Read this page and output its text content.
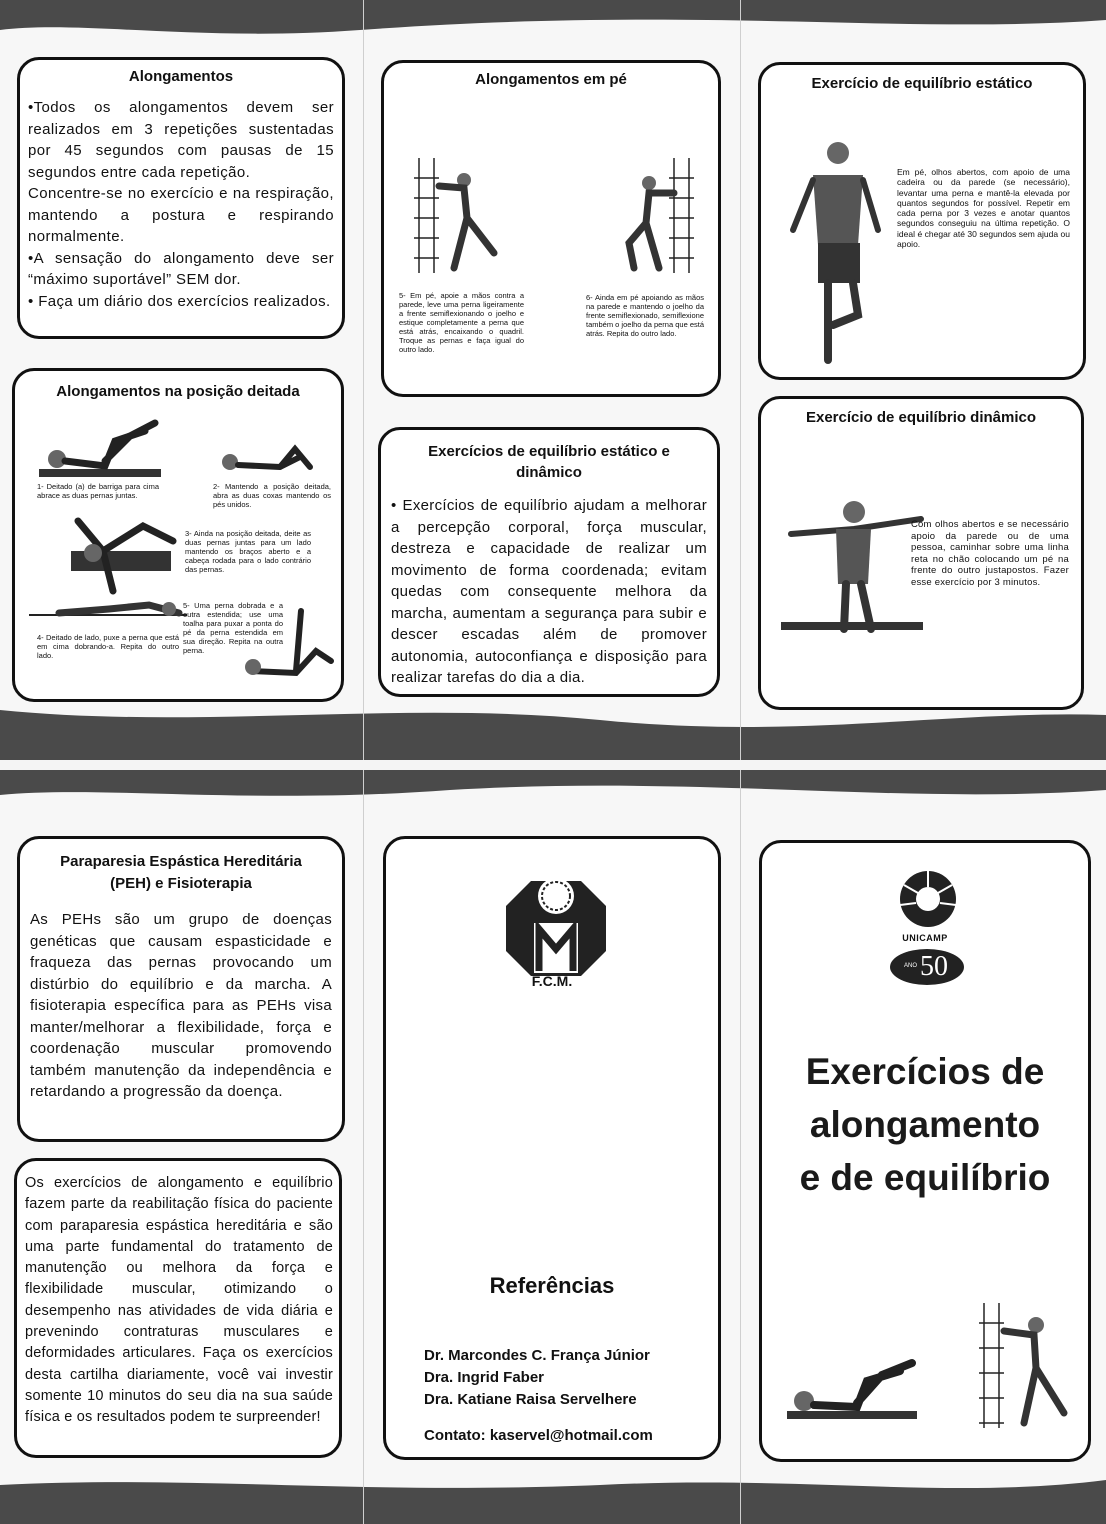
Alongamentos
•Todos os alongamentos devem ser realizados em 3 repetições sustentadas por 45 segundos com pausas de 15 segundos entre cada repetição.
Concentre-se no exercício e na respiração, mantendo a postura e respirando normalmente.
•A sensação do alongamento deve ser “máximo suportável” SEM dor.
• Faça um diário dos exercícios realizados.
Alongamentos na posição deitada
1- Deitado (a) de barriga para cima abrace as duas pernas juntas.
2- Mantendo a posição deitada, abra as duas coxas mantendo os pés unidos.
3- Ainda na posição deitada, deite as duas pernas juntas para um lado mantendo os braços aberto e a cabeça rodada para o lado contrário das pernas.
4- Deitado de lado, puxe a perna que está em cima dobrando-a. Repita do outro lado.
5- Uma perna dobrada e a outra estendida; use uma toalha para puxar a ponta do pé da perna estendida em sua direção. Repita na outra perna.
Alongamentos em pé
5- Em pé, apoie a mãos contra a parede, leve uma perna ligeiramente a frente semiflexionando o joelho e estique completamente a perna que está atrás, encaixando o quadril. Troque as pernas e faça igual do outro lado.
6- Ainda em pé apoiando as mãos na parede e mantendo o joelho da frente semiflexionado, semiflexione também o joelho da perna que está atrás. Repita do outro lado.
Exercícios de equilíbrio estático e dinâmico
• Exercícios de equilíbrio ajudam a melhorar a percepção corporal, força muscular, destreza e capacidade de realizar um movimento de forma coordenada; evitam quedas com consequente melhora da marcha, aumentam a segurança para subir e descer escadas além de promover autonomia, autoconfiança e disposição para realizar tarefas do dia a dia.
Exercício de equilíbrio estático
Em pé, olhos abertos, com apoio de uma cadeira ou da parede (se necessário), levantar uma perna e mantê-la elevada por quantos segundos for possível. Repetir em cada perna por 3 vezes e anotar quantos segundos conseguiu na última repetição. O ideal é chegar até 30 segundos sem ajuda ou apoio.
Exercício de equilíbrio dinâmico
Com olhos abertos e se necessário apoio da parede ou de uma pessoa, caminhar sobre uma linha reta no chão colocando um pé na frente do outro justapostos. Fazer esse exercício por 3 minutos.
Paraparesia Espástica Hereditária (PEH) e Fisioterapia
As PEHs são um grupo de doenças genéticas que causam espasticidade e fraqueza das pernas provocando um distúrbio do equilíbrio e da marcha. A fisioterapia específica para as PEHs visa manter/melhorar a flexibilidade, força e coordenação muscular promovendo também manutenção da independência e retardando a progressão da doença.
Os exercícios de alongamento e equilíbrio fazem parte da reabilitação física do paciente com paraparesia espástica hereditária e são uma parte fundamental do tratamento de manutenção ou melhora da força e flexibilidade muscular, otimizando o desempenho nas atividades de vida diária e prevenindo contraturas musculares e deformidades articulares. Faça os exercícios desta cartilha diariamente, você vai investir somente 10 minutos do seu dia na sua saúde física e os resultados podem te surpreender!
F.C.M.
Referências
Dr. Marcondes C. França Júnior
Dra. Ingrid Faber
Dra. Katiane Raisa Servelhere
Contato: kaservel@hotmail.com
UNICAMP
ANO 50
Exercícios de
alongamento
e de equilíbrio
